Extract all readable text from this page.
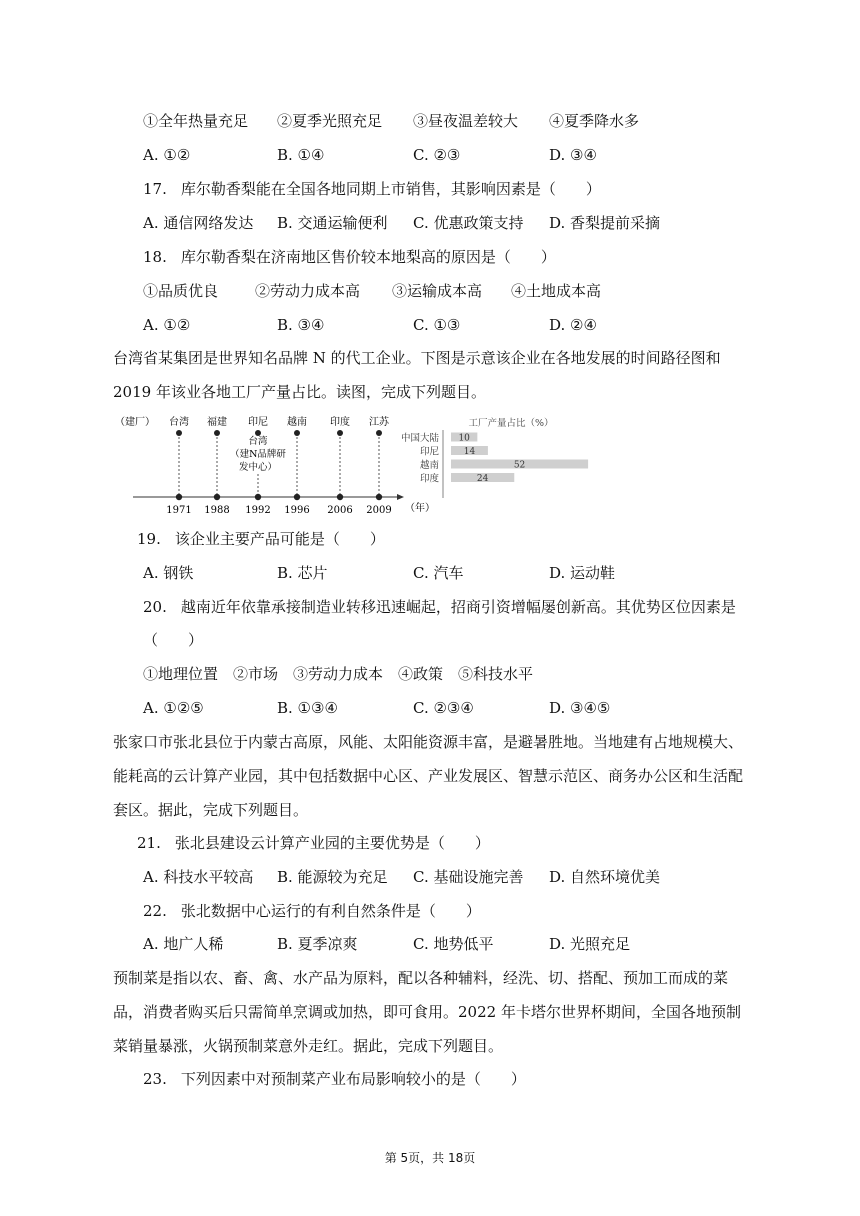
①全年热量充足 ②夏季光照充足 ③昼夜温差较大 ④夏季降水多
A. ①②	B. ①④	C. ②③	D. ③④
17. 库尔勒香梨能在全国各地同期上市销售，其影响因素是（　　）
A. 通信网络发达 B. 交通运输便利 C. 优惠政策支持 D. 香梨提前采摘
18. 库尔勒香梨在济南地区售价较本地梨高的原因是（　　）
①品质优良 ②劳动力成本高 ③运输成本高 ④土地成本高
A. ①②	B. ③④	C. ①③	D. ②④
台湾省某集团是世界知名品牌 N 的代工企业。下图是示意该企业在各地发展的时间路径图和 2019 年该业各地工厂产量占比。读图，完成下列题目。
（建厂） 台湾 福建 印尼 越南 印度 江苏
台湾
（建N品牌研
发中心）
（年）
1971 1988 1992 1996 2006 2009
工厂产量占比（%）
中国大陆 10
印尼	14
越南	52
印度	24
19. 该企业主要产品可能是（　　）
A. 钢铁	B. 芯片	C. 汽车	D. 运动鞋
20. 越南近年依靠承接制造业转移迅速崛起，招商引资增幅屡创新高。其优势区位因素是
（　　）
①地理位置　②市场　③劳动力成本　④政策　⑤科技水平
A. ①②⑤	B. ①③④	C. ②③④	D. ③④⑤
张家口市张北县位于内蒙古高原，风能、太阳能资源丰富，是避暑胜地。当地建有占地规模大、能耗高的云计算产业园，其中包括数据中心区、产业发展区、智慧示范区、商务办公区和生活配套区。据此，完成下列题目。
21. 张北县建设云计算产业园的主要优势是（　　）
A. 科技水平较高 B. 能源较为充足 C. 基础设施完善 D. 自然环境优美
22. 张北数据中心运行的有利自然条件是（　　）
A. 地广人稀	B. 夏季凉爽	C. 地势低平	D. 光照充足
预制菜是指以农、畜、禽、水产品为原料，配以各种辅料，经洗、切、搭配、预加工而成的菜品，消费者购买后只需简单烹调或加热，即可食用。2022 年卡塔尔世界杯期间，全国各地预制菜销量暴涨，火锅预制菜意外走红。据此，完成下列题目。
23. 下列因素中对预制菜产业布局影响较小的是（　　）
第 5页，共 18页
